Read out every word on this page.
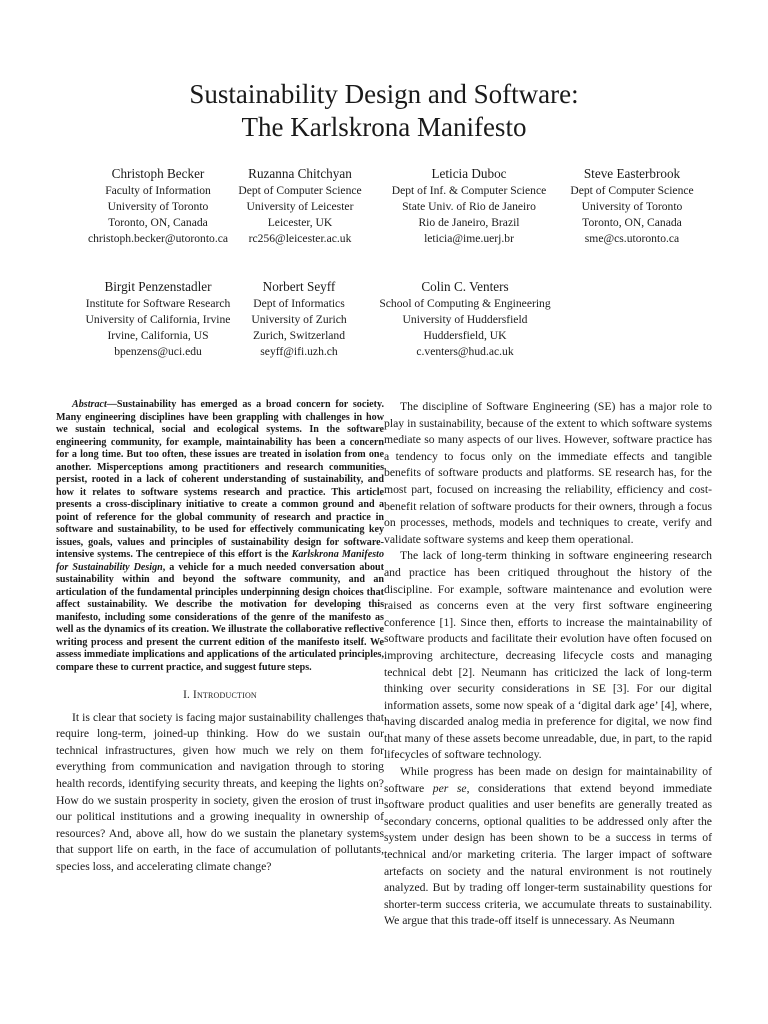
Sustainability Design and Software:
The Karlskrona Manifesto
Christoph Becker
Faculty of Information
University of Toronto
Toronto, ON, Canada
christoph.becker@utoronto.ca
Ruzanna Chitchyan
Dept of Computer Science
University of Leicester
Leicester, UK
rc256@leicester.ac.uk
Leticia Duboc
Dept of Inf. & Computer Science
State Univ. of Rio de Janeiro
Rio de Janeiro, Brazil
leticia@ime.uerj.br
Steve Easterbrook
Dept of Computer Science
University of Toronto
Toronto, ON, Canada
sme@cs.utoronto.ca
Birgit Penzenstadler
Institute for Software Research
University of California, Irvine
Irvine, California, US
bpenzens@uci.edu
Norbert Seyff
Dept of Informatics
University of Zurich
Zurich, Switzerland
seyff@ifi.uzh.ch
Colin C. Venters
School of Computing & Engineering
University of Huddersfield
Huddersfield, UK
c.venters@hud.ac.uk

Abstract—Sustainability has emerged as a broad concern for society. Many engineering disciplines have been grappling with challenges in how we sustain technical, social and ecological systems. In the software engineering community, for example, maintainability has been a concern for a long time. But too often, these issues are treated in isolation from one another. Misperceptions among practitioners and research communities persist, rooted in a lack of coherent understanding of sustainability, and how it relates to software systems research and practice. This article presents a cross-disciplinary initiative to create a common ground and a point of reference for the global community of research and practice in software and sustainability, to be used for effectively communicating key issues, goals, values and principles of sustainability design for software-intensive systems. The centrepiece of this effort is the Karlskrona Manifesto for Sustainability Design, a vehicle for a much needed conversation about sustainability within and beyond the software community, and an articulation of the fundamental principles underpinning design choices that affect sustainability. We describe the motivation for developing this manifesto, including some considerations of the genre of the manifesto as well as the dynamics of its creation. We illustrate the collaborative reflective writing process and present the current edition of the manifesto itself. We assess immediate implications and applications of the articulated principles, compare these to current practice, and suggest future steps.

I. Introduction

It is clear that society is facing major sustainability challenges that require long-term, joined-up thinking. How do we sustain our technical infrastructures, given how much we rely on them for everything from communication and navigation through to storing health records, identifying security threats, and keeping the lights on? How do we sustain prosperity in society, given the erosion of trust in our political institutions and a growing inequality in ownership of resources? And, above all, how do we sustain the planetary systems that support life on earth, in the face of accumulation of pollutants, species loss, and accelerating climate change?

The discipline of Software Engineering (SE) has a major role to play in sustainability, because of the extent to which software systems mediate so many aspects of our lives. However, software practice has a tendency to focus only on the immediate effects and tangible benefits of software products and platforms. SE research has, for the most part, focused on increasing the reliability, efficiency and cost-benefit relation of software products for their owners, through a focus on processes, methods, models and techniques to create, verify and validate software systems and keep them operational.

The lack of long-term thinking in software engineering research and practice has been critiqued throughout the history of the discipline. For example, software maintenance and evolution were raised as concerns even at the very first software engineering conference [1]. Since then, efforts to increase the maintainability of software products and facilitate their evolution have often focused on improving architecture, decreasing lifecycle costs and managing technical debt [2]. Neumann has criticized the lack of long-term thinking over security considerations in SE [3]. For our digital information assets, some now speak of a ‘digital dark age’ [4], where, having discarded analog media in preference for digital, we now find that many of these assets become unreadable, due, in part, to the rapid lifecycles of software technology.

While progress has been made on design for maintainability of software per se, considerations that extend beyond immediate software product qualities and user benefits are generally treated as secondary concerns, optional qualities to be addressed only after the system under design has been shown to be a success in terms of technical and/or marketing criteria. The larger impact of software artefacts on society and the natural environment is not routinely analyzed. But by trading off longer-term sustainability questions for shorter-term success criteria, we accumulate threats to sustainability. We argue that this trade-off itself is unnecessary. As Neumann
